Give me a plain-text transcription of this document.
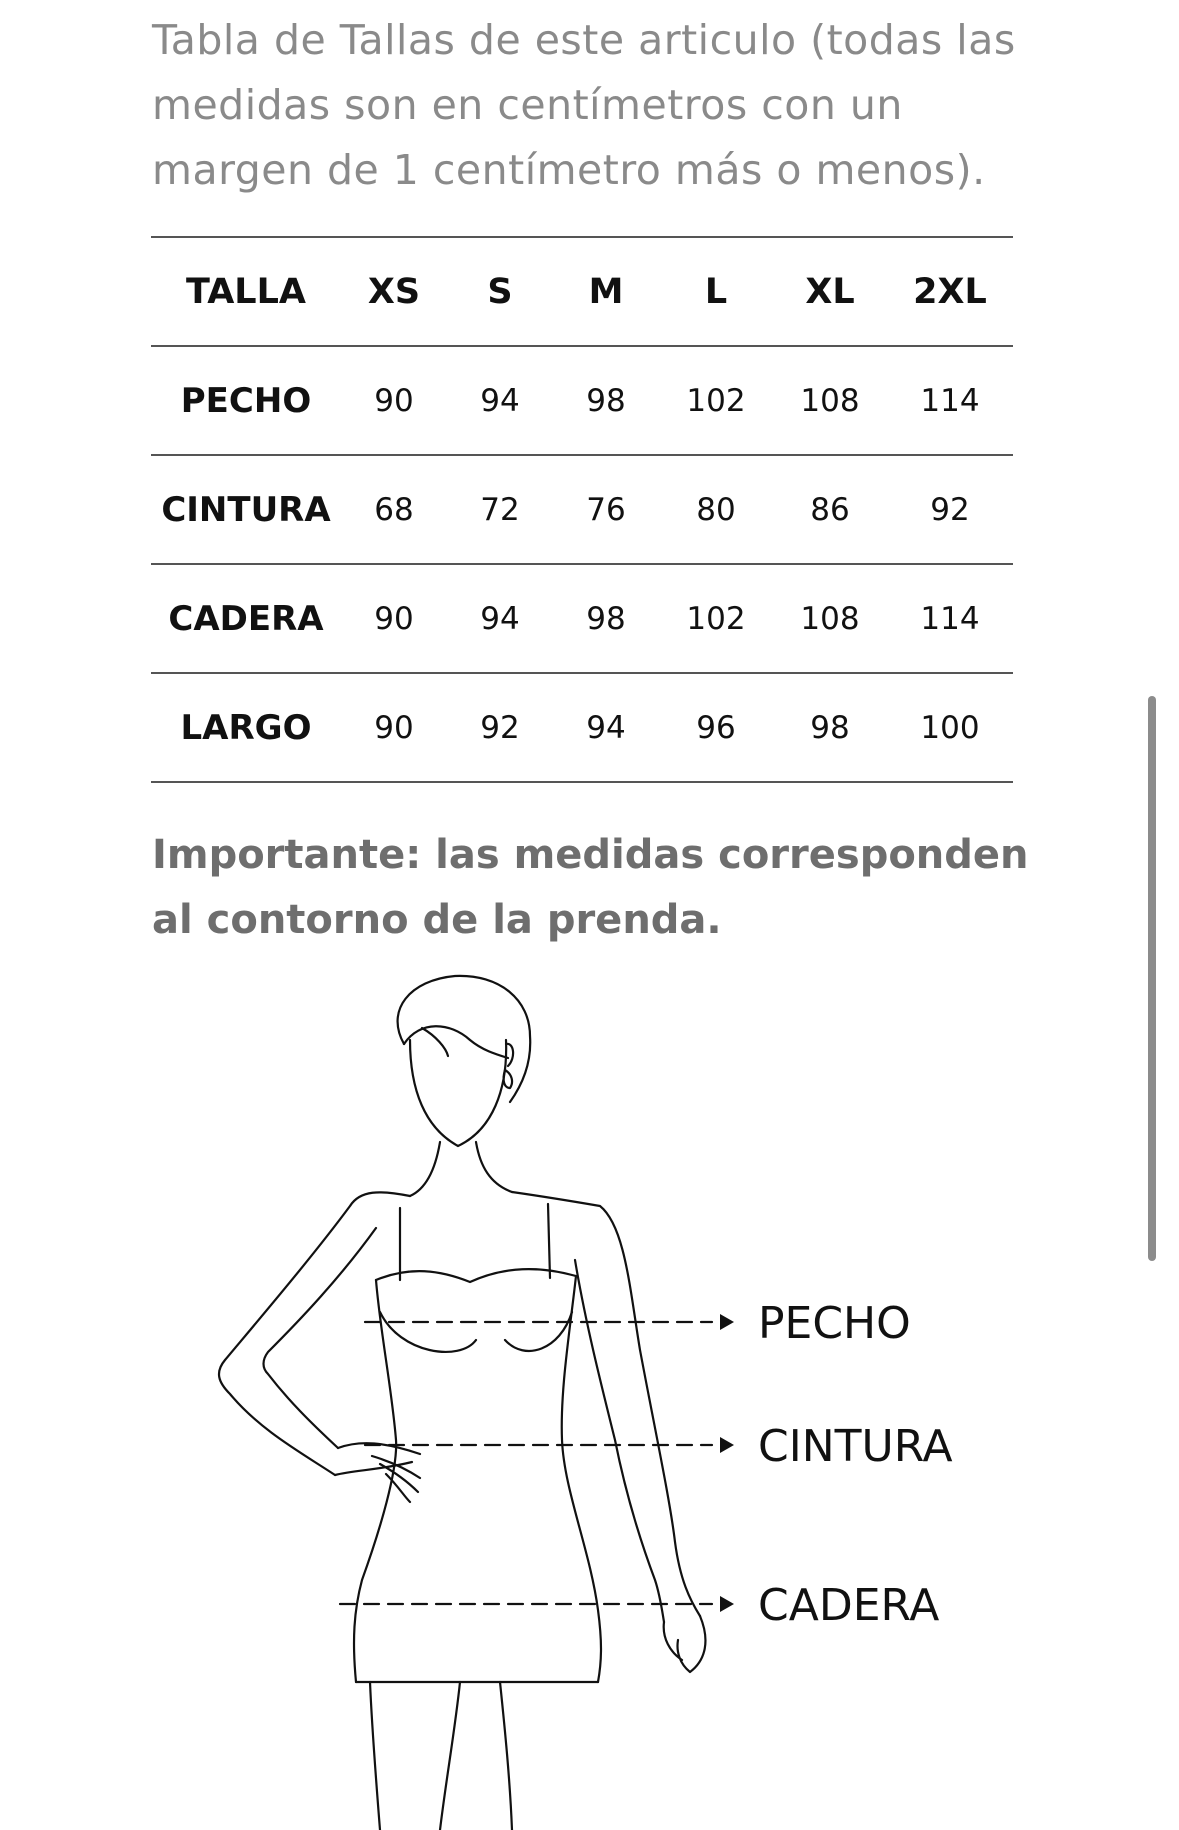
Tabla de Tallas de este articulo (todas las medidas son en centímetros con un margen de 1 centímetro más o menos).

TALLA	XS	S	M	L	XL	2XL
PECHO	90	94	98	102	108	114
CINTURA	68	72	76	80	86	92
CADERA	90	94	98	102	108	114
LARGO	90	92	94	96	98	100

Importante: las medidas corresponden al contorno de la prenda.

PECHO
CINTURA
CADERA
